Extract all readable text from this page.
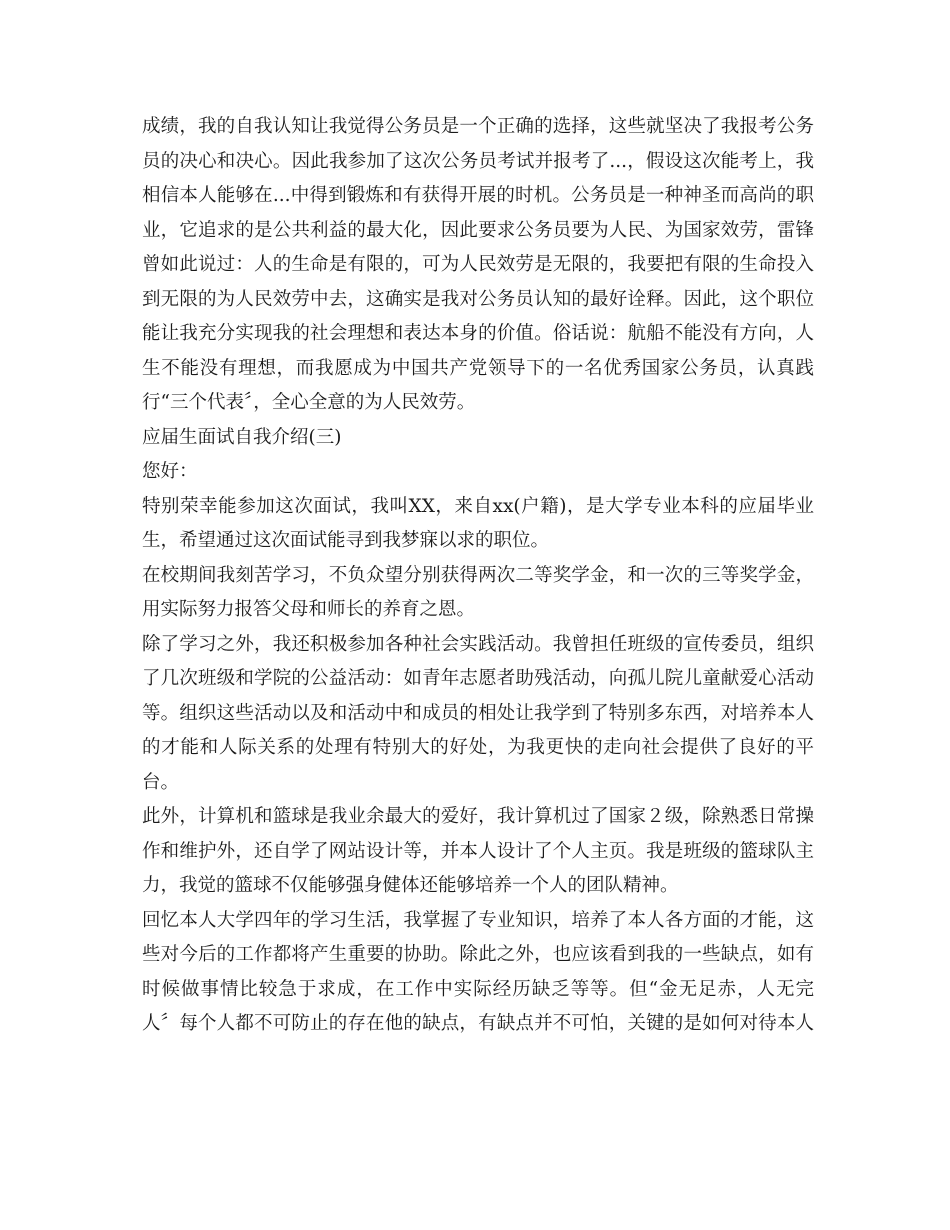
成绩，我的自我认知让我觉得公务员是一个正确的选择，这些就坚决了我报考公务
员的决心和决心。因此我参加了这次公务员考试并报考了...，假设这次能考上，我
相信本人能够在...中得到锻炼和有获得开展的时机。公务员是一种神圣而高尚的职
业，它追求的是公共利益的最大化，因此要求公务员要为人民、为国家效劳，雷锋
曾如此说过：人的生命是有限的，可为人民效劳是无限的，我要把有限的生命投入
到无限的为人民效劳中去，这确实是我对公务员认知的最好诠释。因此，这个职位
能让我充分实现我的社会理想和表达本身的价值。俗话说：航船不能没有方向，人
生不能没有理想，而我愿成为中国共产党领导下的一名优秀国家公务员，认真践
行“三个代表〞，全心全意的为人民效劳。
应届生面试自我介绍(三)
您好：
特别荣幸能参加这次面试，我叫XX，来自xx(户籍)，是大学专业本科的应届毕业
生，希望通过这次面试能寻到我梦寐以求的职位。
在校期间我刻苦学习，不负众望分别获得两次二等奖学金，和一次的三等奖学金，
用实际努力报答父母和师长的养育之恩。
除了学习之外，我还积极参加各种社会实践活动。我曾担任班级的宣传委员，组织
了几次班级和学院的公益活动：如青年志愿者助残活动，向孤儿院儿童献爱心活动
等。组织这些活动以及和活动中和成员的相处让我学到了特别多东西，对培养本人
的才能和人际关系的处理有特别大的好处，为我更快的走向社会提供了良好的平
台。
此外，计算机和篮球是我业余最大的爱好，我计算机过了国家２级，除熟悉日常操
作和维护外，还自学了网站设计等，并本人设计了个人主页。我是班级的篮球队主
力，我觉的篮球不仅能够强身健体还能够培养一个人的团队精神。
回忆本人大学四年的学习生活，我掌握了专业知识，培养了本人各方面的才能，这
些对今后的工作都将产生重要的协助。除此之外，也应该看到我的一些缺点，如有
时候做事情比较急于求成，在工作中实际经历缺乏等等。但“金无足赤，人无完
人〞每个人都不可防止的存在他的缺点，有缺点并不可怕，关键的是如何对待本人
